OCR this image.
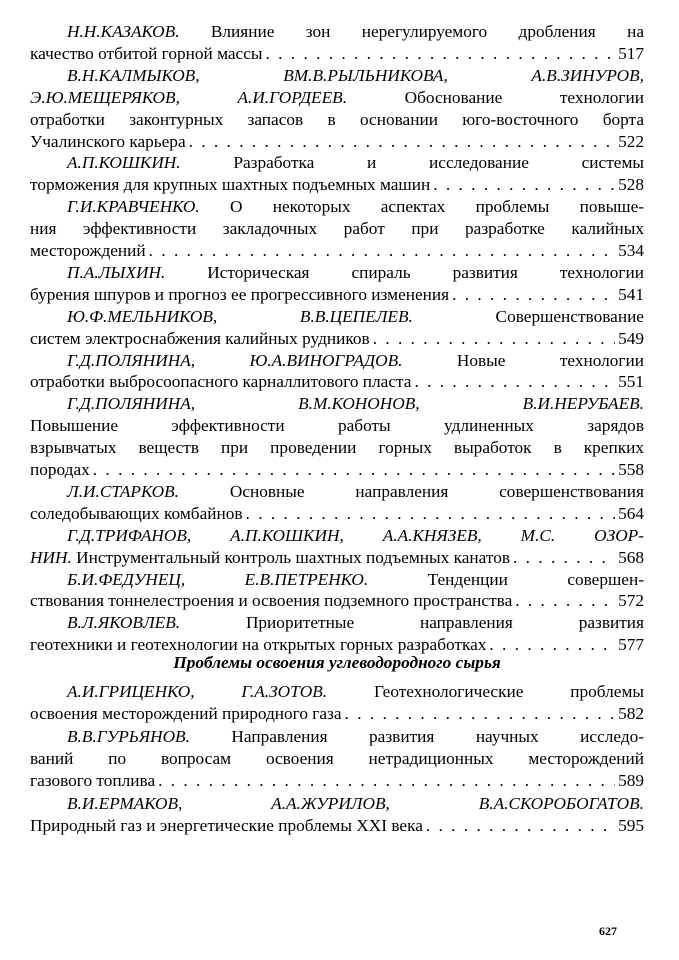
Н.Н.КАЗАКОВ. Влияние зон нерегулируемого дробления на
качество отбитой горной массы . . .	517
В.Н.КАЛМЫКОВ, ВМ.В.РЫЛЬНИКОВА, А.В.ЗИНУРОВ,
Э.Ю.МЕЩЕРЯКОВ, А.И.ГОРДЕЕВ.	Обоснование технологии
отработки законтурных запасов в основании юго-восточного борта
Учалинского карьера . . .	522
А.П.КОШКИН.	Разработка и исследование системы
торможения для крупных шахтных подъемных машин . . .	528
Г.И.КРАВЧЕНКО. О некоторых аспектах проблемы повыше-
ния эффективности закладочных работ при разработке калийных
месторождений . . .	534
П.А.ЛЫХИН. Историческая спираль развития технологии
бурения шпуров и прогноз ее прогрессивного изменения . . .	541
Ю.Ф.МЕЛЬНИКОВ, В.В.ЦЕПЕЛЕВ.	Совершенствование
систем электроснабжения калийных рудников . . .	549
Г.Д.ПОЛЯНИНА, Ю.А.ВИНОГРАДОВ.	Новые технологии
отработки выбросоопасного карналлитового пласта . . .	551
Г.Д.ПОЛЯНИНА, В.М.КОНОНОВ, В.И.НЕРУБАЕВ.
Повышение эффективности работы удлиненных зарядов
взрывчатых веществ при проведении горных выработок в крепких
породах . . .	558
Л.И.СТАРКОВ.	Основные направления совершенствования
соледобывающих комбайнов . . .	564
Г.Д.ТРИФАНОВ, А.П.КОШКИН, А.А.КНЯЗЕВ, М.С. ОЗОР-
НИН. Инструментальный контроль шахтных подъемных канатов . . .	568
Б.И.ФЕДУНЕЦ, Е.В.ПЕТРЕНКО.	Тенденции совершен-
ствования тоннелестроения и освоения подземного пространства . . .	572
В.Л.ЯКОВЛЕВ.	Приоритетные направления развития
геотехники и геотехнологии на открытых горных разработках . . .	577
Проблемы освоения углеводородного сырья
А.И.ГРИЦЕНКО, Г.А.ЗОТОВ.	Геотехнологические проблемы
освоения месторождений природного газа . . .	582
В.В.ГУРЬЯНОВ. Направления развития научных исследо-
ваний по вопросам освоения нетрадиционных месторождений
газового топлива . . .	589
В.И.ЕРМАКОВ, А.А.ЖУРИЛОВ, В.А.СКОРОБОГАТОВ.
Природный газ и энергетические проблемы XXI века . . .	595
627
